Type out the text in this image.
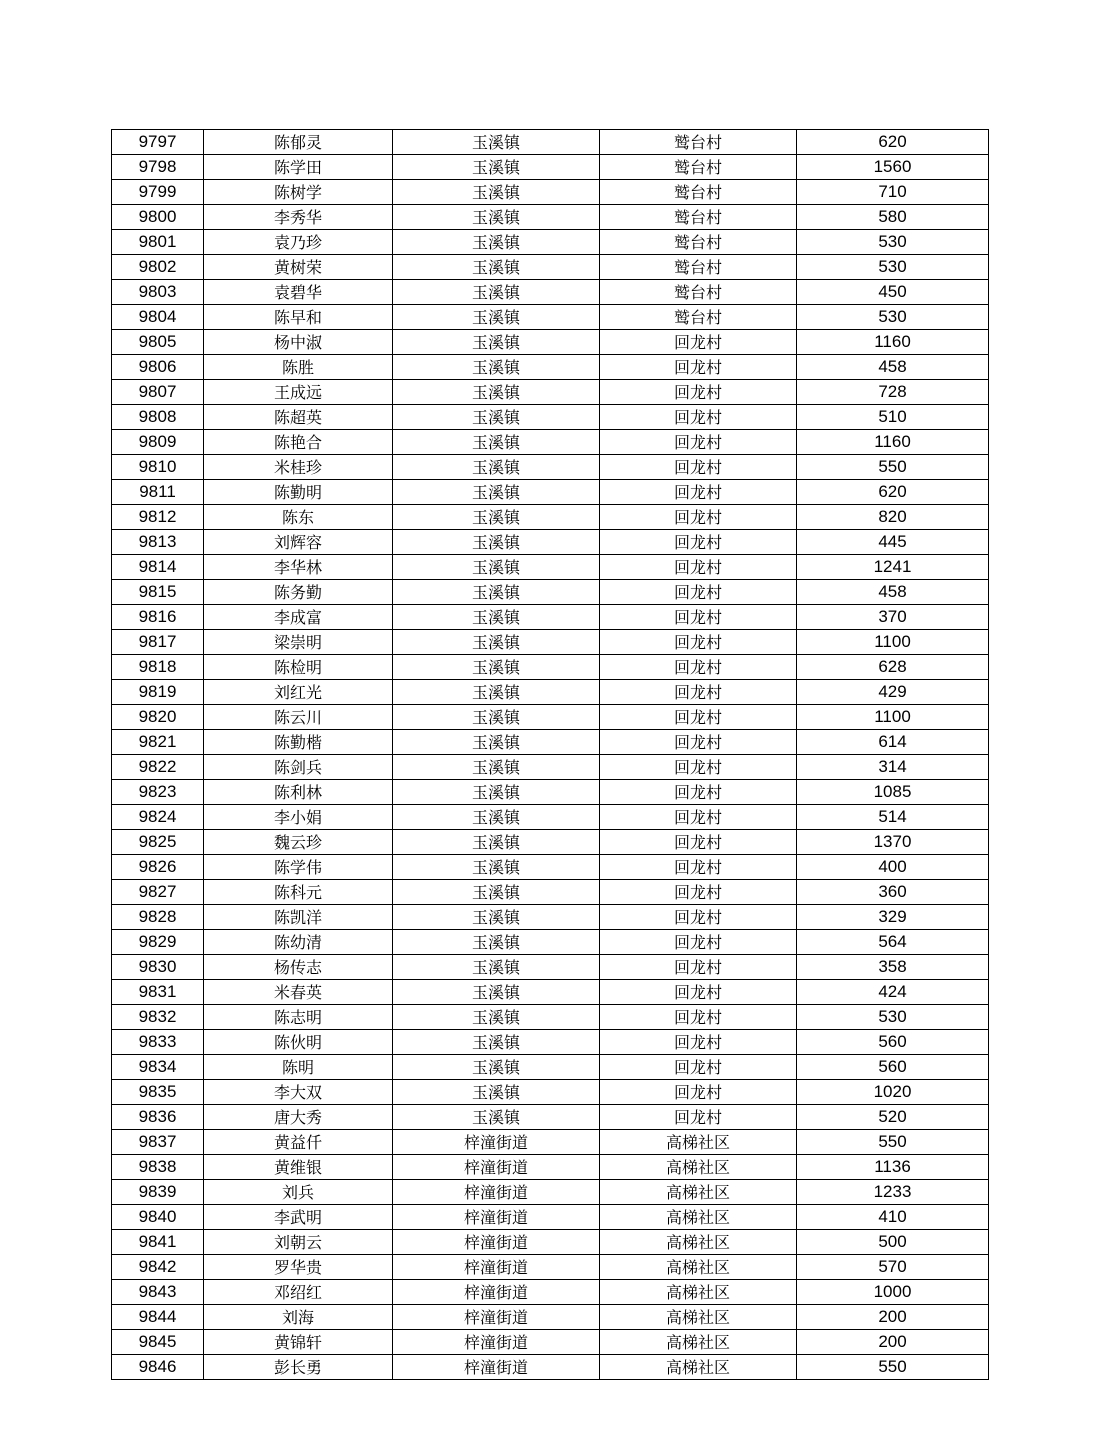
9797	陈郁灵	玉溪镇	鹫台村	620
9798	陈学田	玉溪镇	鹫台村	1560
9799	陈树学	玉溪镇	鹫台村	710
9800	李秀华	玉溪镇	鹫台村	580
9801	袁乃珍	玉溪镇	鹫台村	530
9802	黄树荣	玉溪镇	鹫台村	530
9803	袁碧华	玉溪镇	鹫台村	450
9804	陈早和	玉溪镇	鹫台村	530
9805	杨中淑	玉溪镇	回龙村	1160
9806	陈胜	玉溪镇	回龙村	458
9807	王成远	玉溪镇	回龙村	728
9808	陈超英	玉溪镇	回龙村	510
9809	陈艳合	玉溪镇	回龙村	1160
9810	米桂珍	玉溪镇	回龙村	550
9811	陈勤明	玉溪镇	回龙村	620
9812	陈东	玉溪镇	回龙村	820
9813	刘辉容	玉溪镇	回龙村	445
9814	李华林	玉溪镇	回龙村	1241
9815	陈务勤	玉溪镇	回龙村	458
9816	李成富	玉溪镇	回龙村	370
9817	梁崇明	玉溪镇	回龙村	1100
9818	陈检明	玉溪镇	回龙村	628
9819	刘红光	玉溪镇	回龙村	429
9820	陈云川	玉溪镇	回龙村	1100
9821	陈勤楷	玉溪镇	回龙村	614
9822	陈剑兵	玉溪镇	回龙村	314
9823	陈利林	玉溪镇	回龙村	1085
9824	李小娟	玉溪镇	回龙村	514
9825	魏云珍	玉溪镇	回龙村	1370
9826	陈学伟	玉溪镇	回龙村	400
9827	陈科元	玉溪镇	回龙村	360
9828	陈凯洋	玉溪镇	回龙村	329
9829	陈幼清	玉溪镇	回龙村	564
9830	杨传志	玉溪镇	回龙村	358
9831	米春英	玉溪镇	回龙村	424
9832	陈志明	玉溪镇	回龙村	530
9833	陈伙明	玉溪镇	回龙村	560
9834	陈明	玉溪镇	回龙村	560
9835	李大双	玉溪镇	回龙村	1020
9836	唐大秀	玉溪镇	回龙村	520
9837	黄益仟	梓潼街道	高梯社区	550
9838	黄维银	梓潼街道	高梯社区	1136
9839	刘兵	梓潼街道	高梯社区	1233
9840	李武明	梓潼街道	高梯社区	410
9841	刘朝云	梓潼街道	高梯社区	500
9842	罗华贵	梓潼街道	高梯社区	570
9843	邓绍红	梓潼街道	高梯社区	1000
9844	刘海	梓潼街道	高梯社区	200
9845	黄锦轩	梓潼街道	高梯社区	200
9846	彭长勇	梓潼街道	高梯社区	550
